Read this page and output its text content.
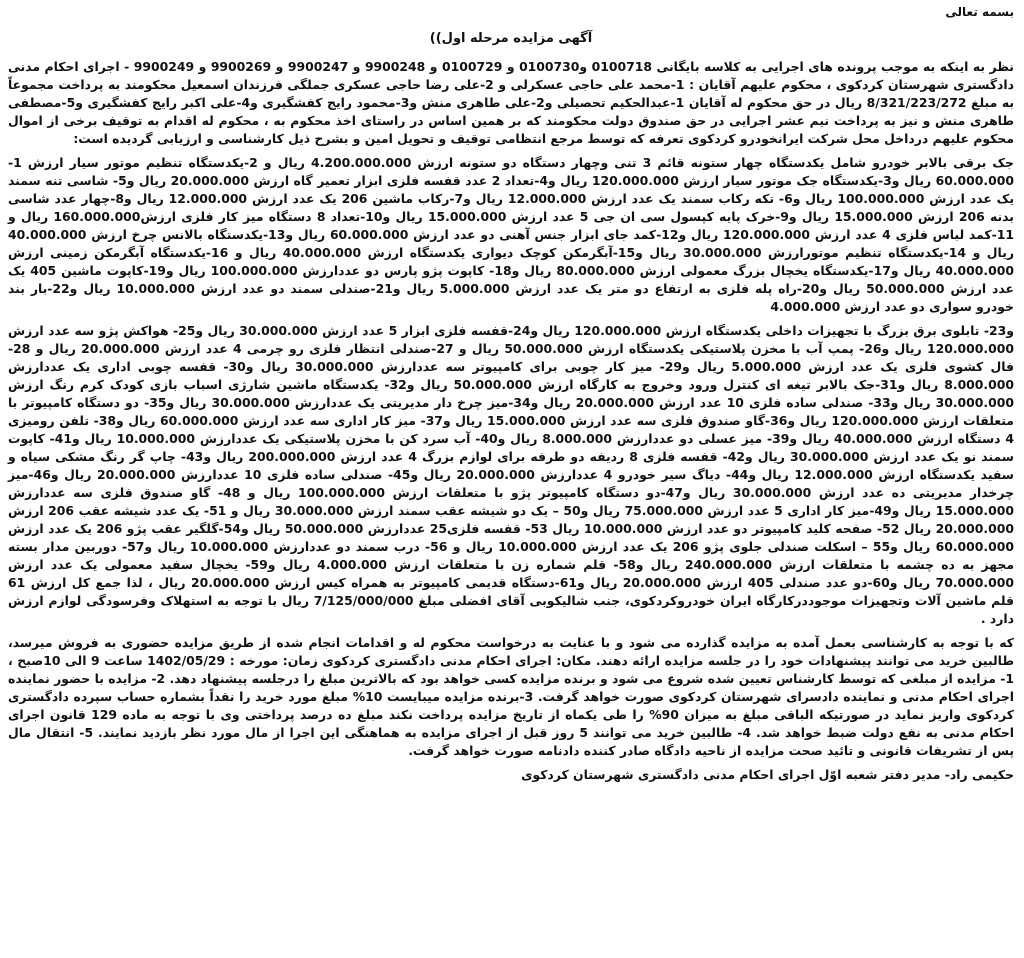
بسمه تعالی
آگهی مزایده مرحله اول))

نظر به اینکه به موجب پرونده های اجرایی به کلاسه بایگانی 0100718 و0100730 و 0100729 و 9900248 و 9900247 و 9900269 و 9900249 - اجرای احکام مدنی دادگستری شهرستان کردکوی ، محکوم علیهم آقایان : 1-محمد علی حاجی عسکرلی و 2-علی رضا حاجی عسکری جملگی فرزندان اسمعیل محکومند به پرداخت مجموعاً به مبلغ 8/321/223/272 ریال در حق محکوم له آقایان 1-عبدالحکیم تحصیلی و2-علی طاهری منش و3-محمود رایج کفشگیری و4-علی اکبر رایج کفشگیری و5-مصطفی طاهری منش و نیز به پرداخت نیم عشر اجرایی در حق صندوق دولت محکومند که بر همین اساس در راستای اخذ محکوم به ، محکوم له اقدام به توقیف برخی از اموال محکوم علیهم درداخل محل شرکت ایرانخودرو کردکوی تعرفه که توسط مرجع انتظامی توقیف و تحویل امین و بشرح ذیل کارشناسی و ارزیابی گردیده است:

جک برقی بالابر خودرو شامل یکدستگاه چهار ستونه قائم 3 تنی وچهار دستگاه دو ستونه ارزش 4.200.000.000 ریال و 2-یکدستگاه تنظیم موتور سیار ارزش 1-60.000.000 ریال و3-یکدستگاه جک موتور سیار ارزش 120.000.000 ریال و4-تعداد 2 عدد قفسه فلزی ابزار تعمیر گاه ارزش 20.000.000 ریال و5- شاسی تنه سمند یک عدد ارزش 100.000.000 ریال و6- تکه رکاب سمند یک عدد ارزش 12.000.000 ریال و7-رکاب ماشین 206 یک عدد ارزش 12.000.000 ریال و8-چهار عدد شاسی بدنه 206 ارزش 15.000.000 ریال و9-خرک پایه کپسول سی ان جی 5 عدد ارزش 15.000.000 ریال و10-تعداد 8 دستگاه میز کار فلزی ارزش160.000.000 ریال و 11-کمد لباس فلزی 4 عدد ارزش 120.000.000 ریال و12-کمد جای ابزار جنس آهنی دو عدد ارزش 60.000.000 ریال و13-یکدستگاه بالانس چرخ ارزش 40.000.000 ریال و 14-یکدستگاه تنظیم موتورارزش 30.000.000 ریال و15-آبگرمکن کوچک دیواری یکدستگاه ارزش 40.000.000 ریال و 16-یکدستگاه آبگرمکن زمینی ارزش 40.000.000 ریال و17-یکدستگاه یخچال بزرگ معمولی ارزش 80.000.000 ریال و18- کاپوت پژو پارس دو عددارزش 100.000.000 ریال و19-کاپوت ماشین 405 یک عدد ارزش 50.000.000 ریال و20-راه پله فلزی به ارتفاع دو متر یک عدد ارزش 5.000.000 ریال و21-صندلی سمند دو عدد ارزش 10.000.000 ریال و22-بار بند خودرو سواری دو عدد ارزش 4.000.000

و23- تابلوی برق بزرگ با تجهیزات داخلی یکدستگاه ارزش 120.000.000 ریال و24-قفسه فلزی ابزار 5 عدد ارزش 30.000.000 ریال و25- هواکش پژو سه عدد ارزش 120.000.000 ریال و26- پمپ آب با مخزن پلاستیکی یکدستگاه ارزش 50.000.000 ریال و 27-صندلی انتظار فلزی رو چرمی 4 عدد ارزش 20.000.000 ریال و 28- فال کشوی فلزی یک عدد ارزش 5.000.000 ریال و29- میز کار چوبی برای کامپیوتر سه عددارزش 30.000.000 ریال و30- قفسه چوبی اداری یک عددارزش 8.000.000 ریال و31-جک بالابر تیغه ای کنترل ورود وخروج به کارگاه ارزش 50.000.000 ریال و32- یکدستگاه ماشین شارژی اسباب بازی کودک کرم رنگ ارزش 30.000.000 ریال و33- صندلی ساده فلزی 10 عدد ارزش 20.000.000 ریال و34-میز چرخ دار مدیریتی یک عددارزش 30.000.000 ریال و35- دو دستگاه کامپیوتر با متعلقات ارزش 120.000.000 ریال و36-گاو صندوق فلزی سه عدد ارزش 15.000.000 ریال و37- میز کار اداری سه عدد ارزش 60.000.000 ریال و38- تلفن رومیزی 4 دستگاه ارزش 40.000.000 ریال و39- میز عسلی دو عددارزش 8.000.000 ریال و40- آب سرد کن با مخزن پلاستیکی یک عددارزش 10.000.000 ریال و41- کاپوت سمند نو یک عدد ارزش 30.000.000 ریال و42- قفسه فلزی 8 ردیفه دو طرفه برای لوازم بزرگ 4 عدد ارزش 200.000.000 ریال و43- چاپ گر رنگ مشکی سیاه و سفید یکدستگاه ارزش 12.000.000 ریال و44- دیاگ سیر خودرو 4 عددارزش 20.000.000 ریال و45- صندلی ساده فلزی 10 عددارزش 20.000.000 ریال و46-میز چرخدار مدیریتی ده عدد ارزش 30.000.000 ریال و47-دو دستگاه کامپیوتر پژو با متعلقات ارزش 100.000.000 ریال و 48- گاو صندوق فلزی سه عددارزش 15.000.000 ریال و49-میز کار اداری 5 عدد ارزش 75.000.000 ریال و50 – یک دو شیشه عقب سمند ارزش 30.000.000 ریال و 51- یک عدد شیشه عقب 206 ارزش 20.000.000 ریال 52- صفحه کلید کامپیوتر دو عدد ارزش 10.000.000 ریال 53- قفسه فلزی25 عددارزش 50.000.000 ریال و54-گلگیر عقب پژو 206 یک عدد ارزش 60.000.000 ریال و55 – اسکلت صندلی جلوی پژو 206 یک عدد ارزش 10.000.000 ریال و 56- درب سمند دو عددارزش 10.000.000 ریال و57- دوربین مدار بسته مجهز به ده چشمه با متعلقات ارزش 240.000.000 ریال و58- قلم شماره زن با متعلقات ارزش 4.000.000 ریال و59- یخچال سفید معمولی یک عدد ارزش 70.000.000 ریال و60-دو عدد صندلی 405 ارزش 20.000.000 ریال و61-دستگاه قدیمی کامپیوتر به همراه کیس ارزش 20.000.000 ریال ، لذا جمع کل ارزش 61 قلم ماشین آلات وتجهیزات موجوددرکارگاه ایران خودروکردکوی، جنب شالیکوبی آقای افضلی مبلغ 7/125/000/000 ریال با توجه به استهلاک وفرسودگی لوازم ارزش دارد .

که با توجه به کارشناسی بعمل آمده به مزایده گذارده می شود و با عنایت به درخواست محکوم له و اقدامات انجام شده از طریق مزایده حضوری به فروش میرسد، طالبین خرید می توانند پیشنهادات خود را در جلسه مزایده ارائه دهند. مکان: اجرای احکام مدنی دادگستری کردکوی زمان: مورخه : 1402/05/29 ساعت 9 الی 10صبح ، 1- مزایده از مبلغی که توسط کارشناس تعیین شده شروع می شود و برنده مزایده کسی خواهد بود که بالاترین مبلغ را درجلسه پیشنهاد دهد. 2- مزایده با حضور نماینده اجرای احکام مدنی و نماینده دادسرای شهرستان کردکوی صورت خواهد گرفت. 3-برنده مزایده میبایست 10% مبلغ مورد خرید را نقداً بشماره حساب سپرده دادگستری کردکوی واریز نماید در صورتیکه الباقی مبلغ به میزان 90% را طی یکماه از تاریخ مزایده پرداخت نکند مبلغ ده درصد پرداختی وی با توجه به ماده 129 قانون اجرای احکام مدنی به نفع دولت ضبط خواهد شد. 4- طالبین خرید می توانند 5 روز قبل از اجرای مزایده به هماهنگی این اجرا از مال مورد نظر بازدید نمایند. 5- انتقال مال پس از تشریفات قانونی و تائید صحت مزایده از ناحیه دادگاه صادر کننده دادنامه صورت خواهد گرفت.

حکیمی راد- مدیر دفتر شعبه اوّل اجرای احکام مدنی دادگستری شهرستان کردکوی
